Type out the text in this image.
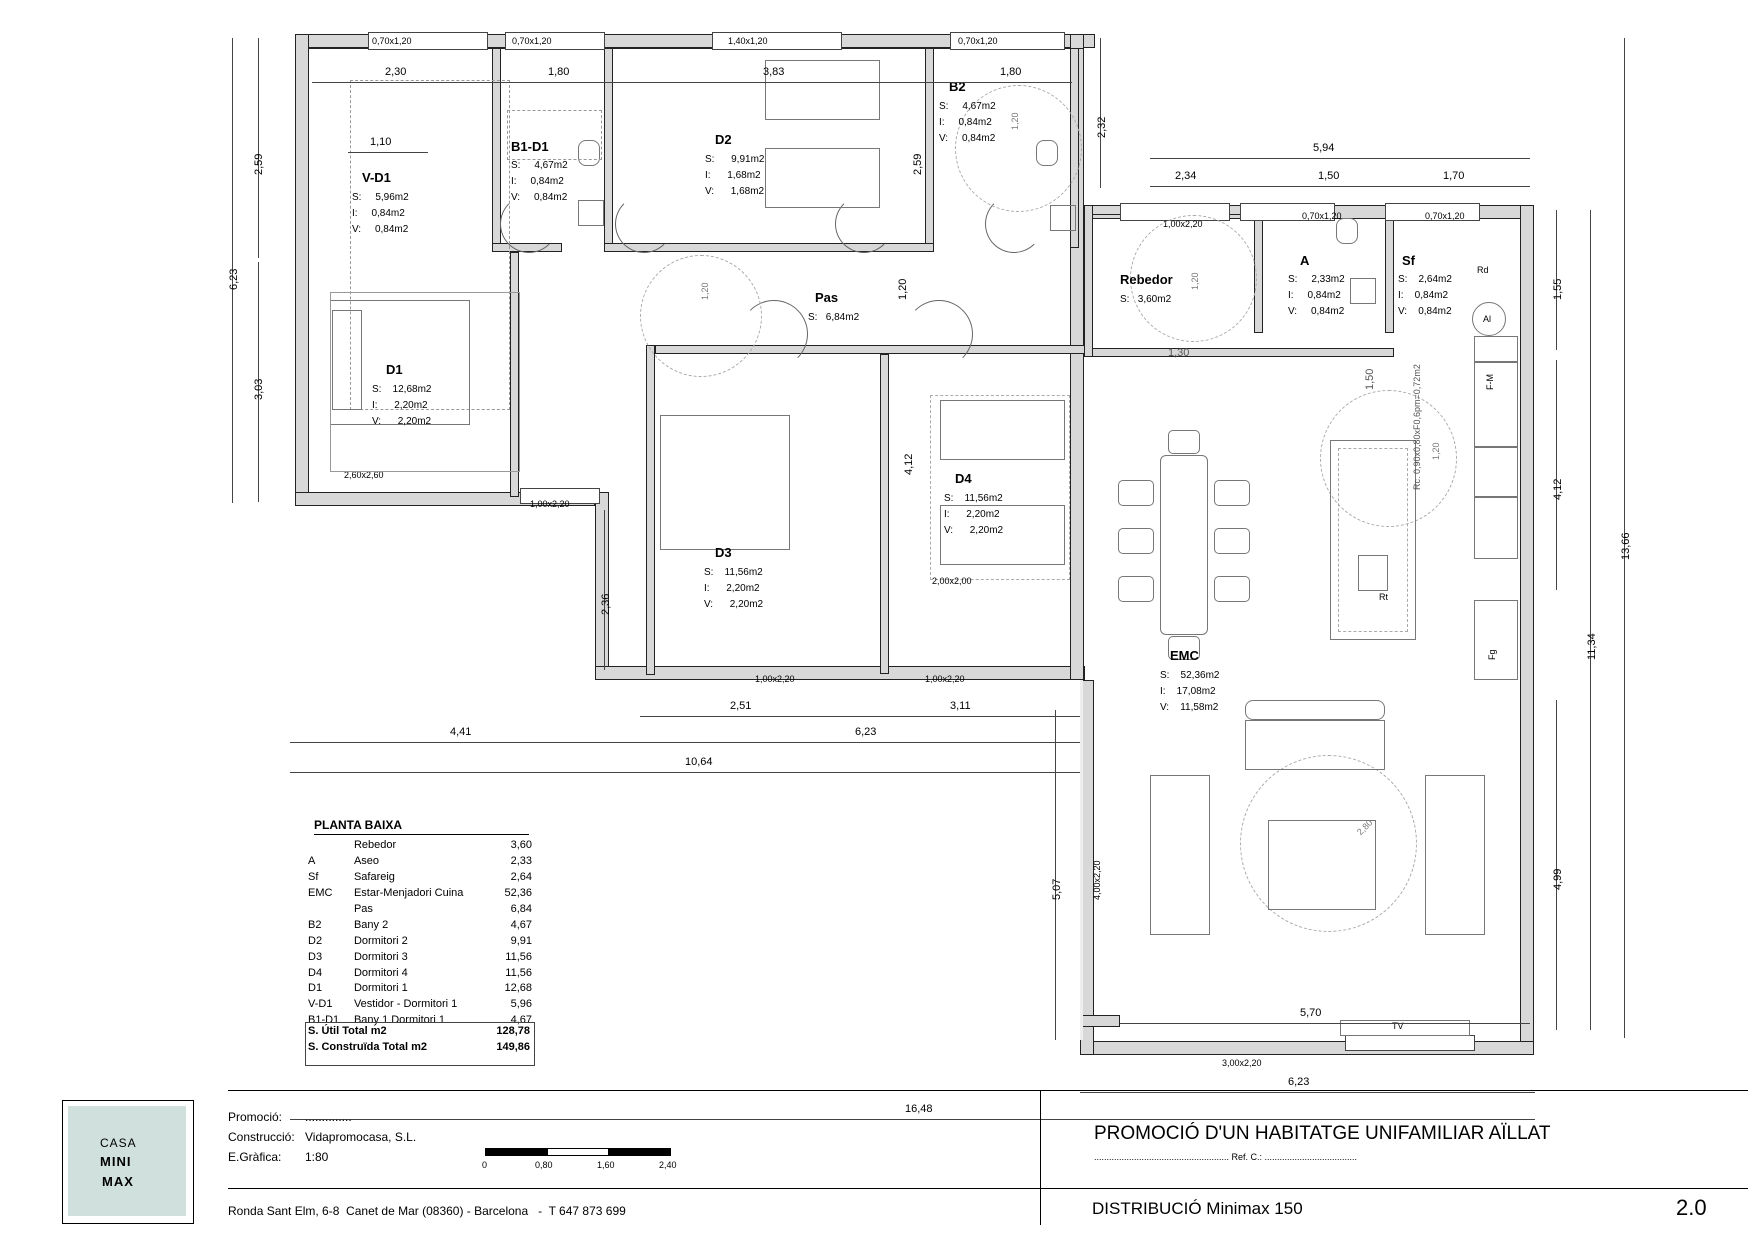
0,70x1,20	0,70x1,20	1,40x1,20	0,70x1,20
1,00x2,20
0,70x1,20	0,70x1,20
1,00x2,20
1,00x2,20	1,00x2,20
3,00x2,20
4,00x2,20
2,60x2,60
2,00x2,00
Al
Rd
F-M
Fg
Rt
Rc. 0,90x0,80xF0,6pm=0,72m2
TV
V-D1
S:     5,96m2
I:     0,84m2
V:     0,84m2
B1-D1
S:     4,67m2
I:     0,84m2
V:     0,84m2
D2
S:      9,91m2
I:      1,68m2
V:      1,68m2
B2
S:     4,67m2
I:     0,84m2
V:     0,84m2
Pas
S:   6,84m2
Rebedor
S:   3,60m2
A
S:     2,33m2
I:     0,84m2
V:     0,84m2
Sf
S:    2,64m2
I:    0,84m2
V:    0,84m2
D1
S:    12,68m2
I:      2,20m2
V:      2,20m2
D3
S:    11,56m2
I:      2,20m2
V:      2,20m2
D4
S:    11,56m2
I:      2,20m2
V:      2,20m2
EMC
S:    52,36m2
I:    17,08m2
V:    11,58m2
2,30	1,80	3,83	1,80
2,59
6,23
3,03
2,36
1,10
1,20
1,20
1,20
1,30
1,50
1,20
4,12
1,20
2,80
2,59
2,32
5,94
2,34	1,50	1,70
1,55
4,12
4,99
11,34
13,66
2,51	3,11
4,41	6,23
10,64
5,07
5,70
6,23
16,48
PLANTA BAIXA
	Rebedor	3,60
A	Aseo	2,33
Sf	Safareig	2,64
EMC	Estar-Menjadori Cuina	52,36
	Pas	6,84
B2	Bany 2	4,67
D2	Dormitori 2	9,91
D3	Dormitori 3	11,56
D4	Dormitori 4	11,56
D1	Dormitori 1	12,68
V-D1	Vestidor - Dormitori 1	5,96
B1-D1	Bany 1 Dormitori 1	4,67
S. Útil Total m2	128,78
S. Construïda Total m2	149,86
CASA
MINI
MAX
Promoció: ..............
Construcció: Vidapromocasa, S.L.
E.Gràfica: 1:80
0	0,80	1,60	2,40
Ronda Sant Elm, 6-8  Canet de Mar (08360) - Barcelona   -  T 647 873 699
PROMOCIÓ D'UN HABITATGE UNIFAMILIAR AÏLLAT
...................................................... Ref. C.: .....................................
DISTRIBUCIÓ Minimax 150	2.0
